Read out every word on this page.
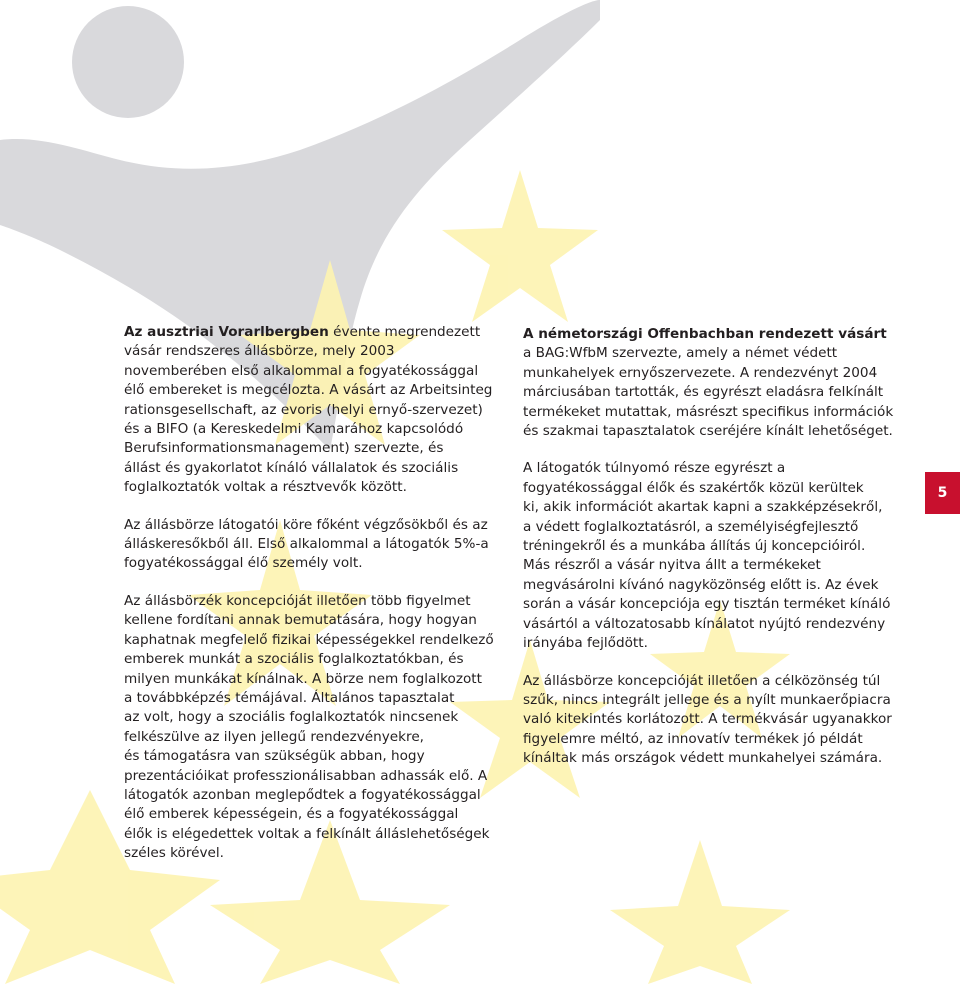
Az ausztriai Vorarlbergben évente megrendezett
vásár rendszeres állásbörze, mely 2003
novemberében első alkalommal a fogyatékossággal
élő embereket is megcélozta. A vásárt az Arbeitsinteg
rationsgesellschaft, az evoris (helyi ernyő-szervezet)
és a BIFO (a Kereskedelmi Kamarához kapcsolódó
Berufsinformationsmanagement) szervezte, és
állást és gyakorlatot kínáló vállalatok és szociális
foglalkoztatók voltak a résztvevők között.

Az állásbörze látogatói köre főként végzősökből és az
álláskeresőkből áll. Első alkalommal a látogatók 5%-a
fogyatékossággal élő személy volt.

Az állásbörzék koncepcióját illetően több figyelmet
kellene fordítani annak bemutatására, hogy hogyan
kaphatnak megfelelő fizikai képességekkel rendelkező
emberek munkát a szociális foglalkoztatókban, és
milyen munkákat kínálnak. A börze nem foglalkozott
a továbbképzés témájával. Általános tapasztalat
az volt, hogy a szociális foglalkoztatók nincsenek
felkészülve az ilyen jellegű rendezvényekre,
és támogatásra van szükségük abban, hogy
prezentációikat professzionálisabban adhassák elő. A
látogatók azonban meglepődtek a fogyatékossággal
élő emberek képességein, és a fogyatékossággal
élők is elégedettek voltak a felkínált álláslehetőségek
széles körével.

A németországi Offenbachban rendezett vásárt
a BAG:WfbM szervezte, amely a német védett
munkahelyek ernyőszervezete. A rendezvényt 2004
márciusában tartották, és egyrészt eladásra felkínált
termékeket mutattak, másrészt specifikus információk
és szakmai tapasztalatok cseréjére kínált lehetőséget.

A látogatók túlnyomó része egyrészt a
fogyatékossággal élők és szakértők közül kerültek
ki, akik információt akartak kapni a szakképzésekről,
a védett foglalkoztatásról, a személyiségfejlesztő
tréningekről és a munkába állítás új koncepcióiról.
Más részről a vásár nyitva állt a termékeket
megvásárolni kívánó nagyközönség előtt is. Az évek
során a vásár koncepciója egy tisztán terméket kínáló
vásártól a változatosabb kínálatot nyújtó rendezvény
irányába fejlődött.

Az állásbörze koncepcióját illetően a célközönség túl
szűk, nincs integrált jellege és a nyílt munkaerőpiacra
való kitekintés korlátozott. A termékvásár ugyanakkor
figyelemre méltó, az innovatív termékek jó példát
kínáltak más országok védett munkahelyei számára.

5
